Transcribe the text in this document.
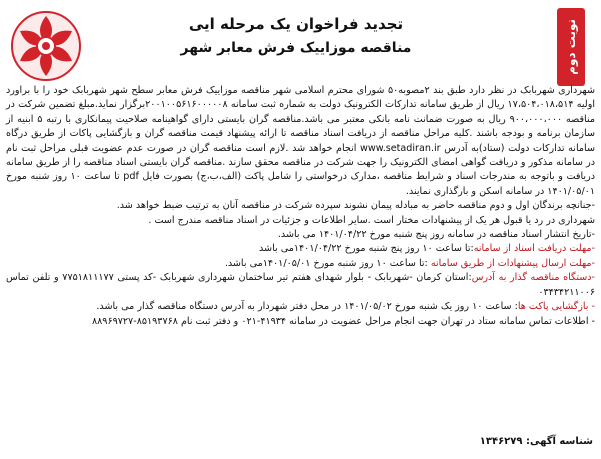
تجدید فراخوان یک مرحله ایی
مناقصه موزاییک فرش معابر شهر	نوبت دوم

شهرداری شهربابک در نظر دارد طبق بند ۲مصوبه۵۰ شورای محترم اسلامی شهر مناقصه موزاییک فرش معابر سطح شهر شهربابک خود را با براورد اولیه ۱۷،۵۰۴،۰۱۸،۵۱۴ ریال از طریق سامانه تدارکات الکترونیک دولت به شماره ثبت سامانه ۲۰۰۱۰۰۵۶۱۶۰۰۰۰۰۸برگزار نماید.مبلغ تضمین شرکت در مناقصه ۹۰۰،۰۰۰،۰۰۰ ریال به صورت ضمانت نامه بانکی معتبر می باشد.مناقصه گران بایستی دارای گواهینامه صلاحیت پیمانکاری با رتبه ۵ ابنیه از سازمان برنامه و بودجه باشند .کلیه مراحل مناقصه از دریافت اسناد مناقصه تا ارائه پیشنهاد قیمت مناقصه گران و بازگشایی پاکات از طریق درگاه سامانه تدارکات دولت (ستاد)به آدرس www.setadiran.ir انجام خواهد شد .لازم است مناقصه گران در صورت عدم عضویت قبلی مراحل ثبت نام در سامانه مذکور و دریافت گواهی امضای الکترونیک را جهت شرکت در مناقصه محقق سازند .مناقصه گران بایستی اسناد مناقصه را از طریق سامانه دریافت و باتوجه به مندرجات اسناد و شرایط مناقصه ،مدارک درخواستی را شامل پاکت (الف،ب،ج) بصورت فایل pdf تا ساعت ۱۰ روز شنبه مورخ ۱۴۰۱/۰۵/۰۱ در سامانه اسکن و بارگذاری نمایند.

-جنانچه برندگان اول و دوم مناقصه حاضر به مبادله پیمان نشوند سپرده شرکت در مناقصه آنان به ترتیب ضبط خواهد شد.

شهرداری در رد یا قبول هر یک از پیشنهادات مختار است .سایر اطلاعات و جزئیات در اسناد مناقصه مندرج است .

-تاریخ انتشار اسناد مناقصه در سامانه روز پنج شنبه مورخ ۱۴۰۱/۰۴/۲۲ می باشد.

-مهلت دریافت اسناد از سامانه:تا ساعت ۱۰ روز پنج شنبه مورخ ۱۴۰۱/۰۴/۲۲می باشد

-مهلت ارسال پیشنهادات از طریق سامانه :تا ساعت ۱۰ روز شنبه مورخ ۱۴۰۱/۰۵/۰۱می باشد.

-دستگاه مناقصه گذار به آدرس:استان کرمان -شهربابک - بلوار شهدای هفتم تیر ساختمان شهرداری شهربابک -کد پستی ۷۷۵۱۸۱۱۱۷۷ و تلفن تماس ۰۳۴۳۴۲۱۱۰۰۶

- بازگشایی پاکت ها: ساعت ۱۰ روز یک شنبه مورخ ۱۴۰۱/۰۵/۰۲ در محل دفتر شهردار به آدرس دستگاه مناقصه گذار می باشد.

- اطلاعات تماس سامانه ستاد در تهران جهت انجام مراحل عضویت در سامانه ۴۱۹۳۴-۰۲۱ و دفتر ثبت نام ۸۵۱۹۳۷۶۸-۸۸۹۶۹۷۲۷

شناسه آگهی: ۱۳۴۶۲۷۹
